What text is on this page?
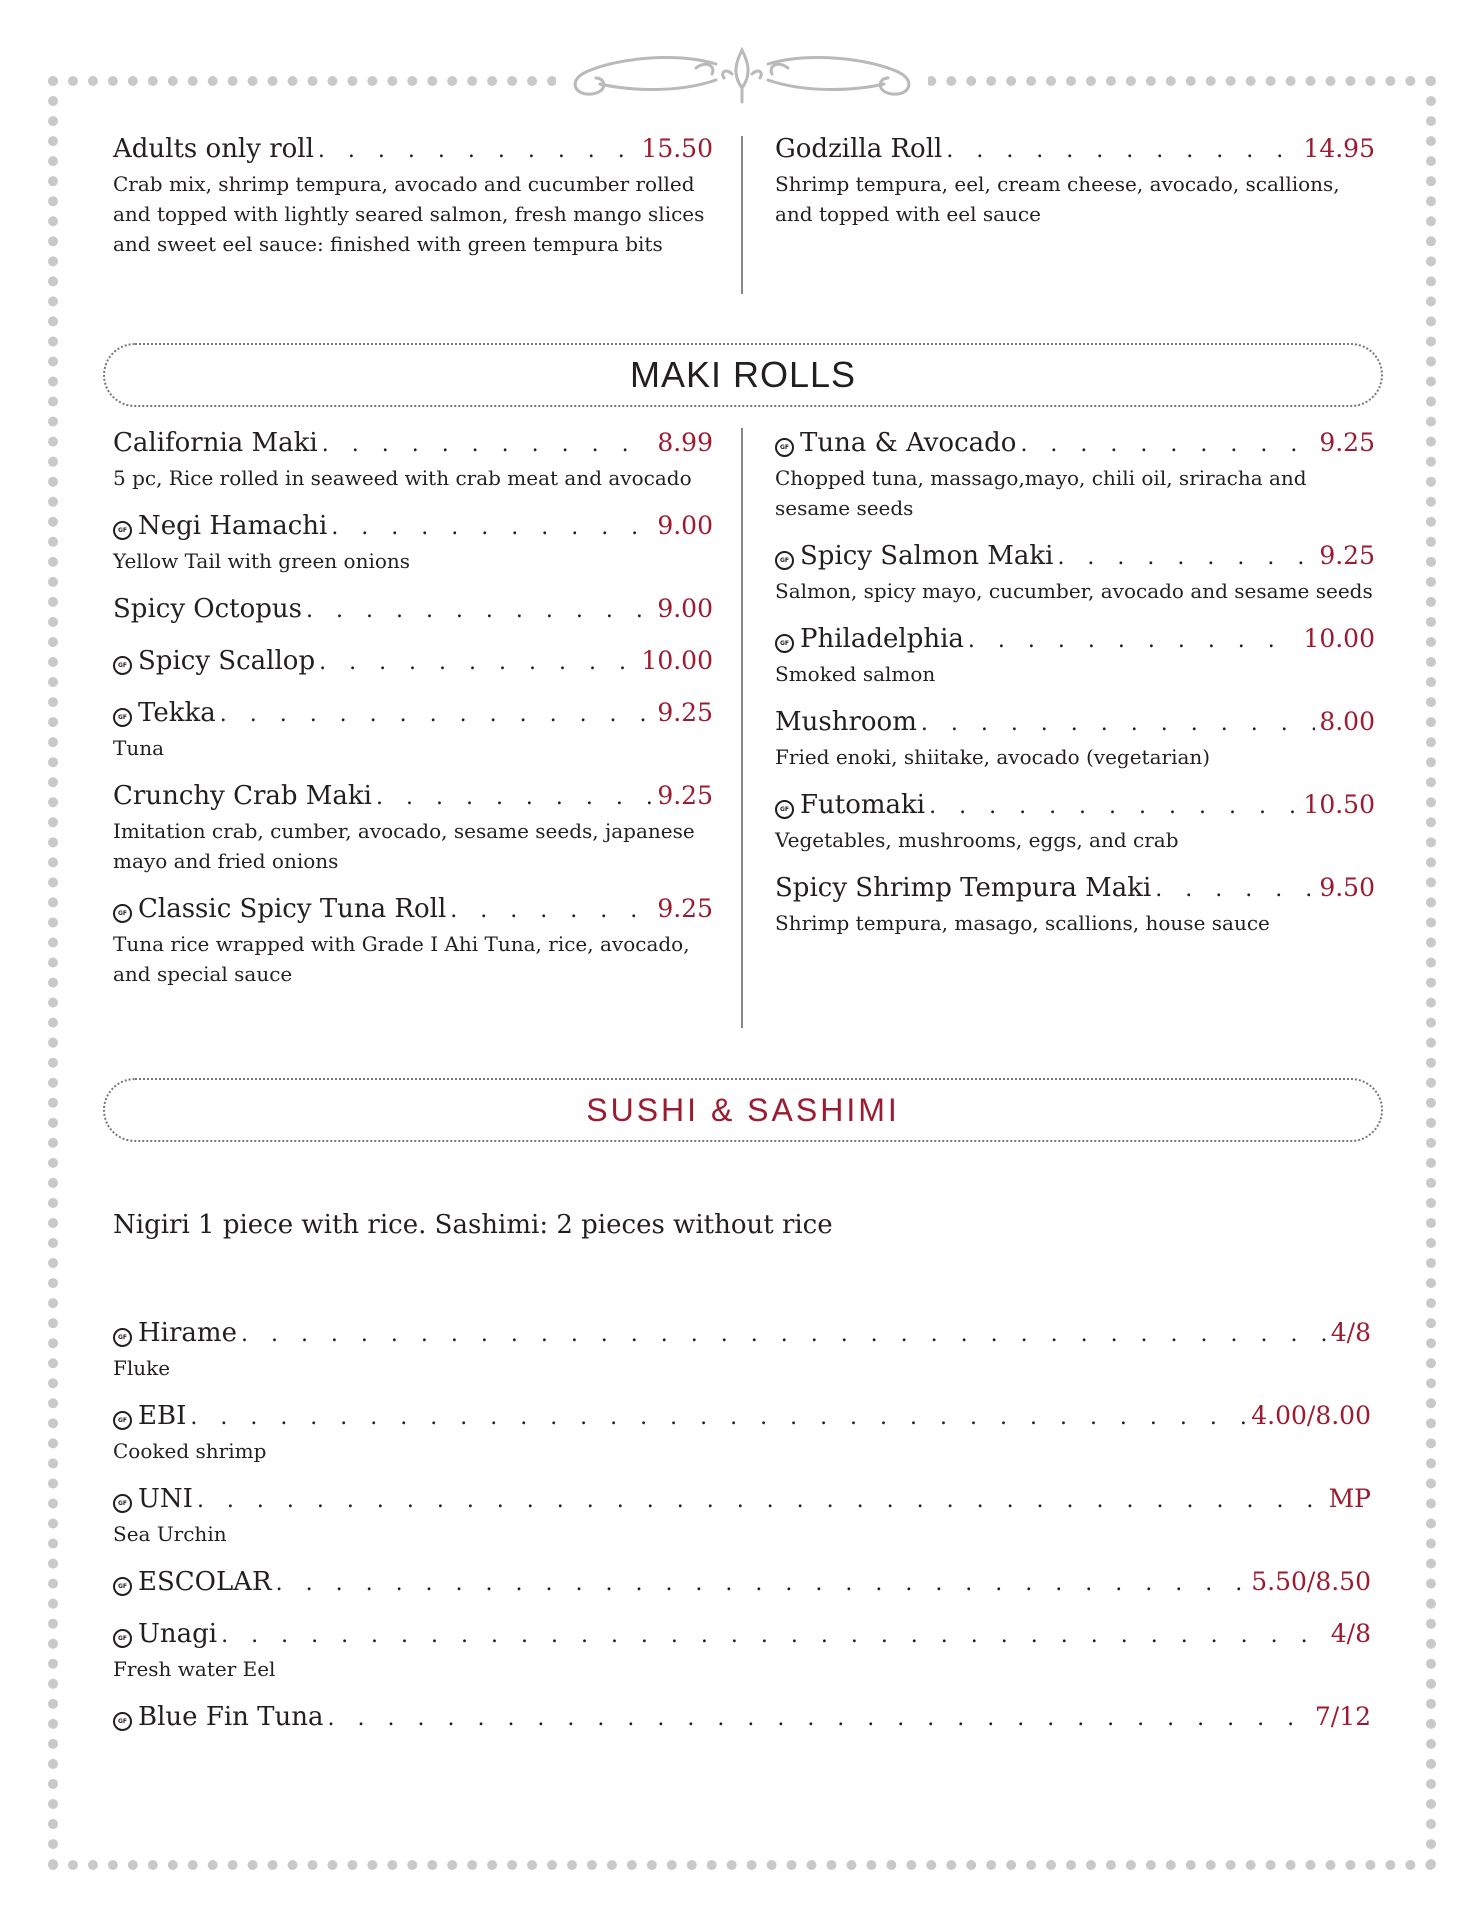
Adults only roll . . .	15.50
Crab mix, shrimp tempura, avocado and cucumber rolled and topped with lightly seared salmon, fresh mango slices and sweet eel sauce: finished with green tempura bits
Godzilla Roll . . .	14.95
Shrimp tempura, eel, cream cheese, avocado, scallions, and topped with eel sauce
MAKI ROLLS
California Maki . . .	8.99
5 pc, Rice rolled in seaweed with crab meat and avocado
GF Negi Hamachi . . .	9.00
Yellow Tail with green onions
Spicy Octopus . . .	9.00
GF Spicy Scallop . . .	10.00
GF Tekka . . .	9.25
Tuna
Crunchy Crab Maki . . .	9.25
Imitation crab, cumber, avocado, sesame seeds, japanese mayo and fried onions
GF Classic Spicy Tuna Roll . . .	9.25
Tuna rice wrapped with Grade I Ahi Tuna, rice, avocado, and special sauce
GF Tuna & Avocado . . .	9.25
Chopped tuna, massago,mayo, chili oil, sriracha and sesame seeds
GF Spicy Salmon Maki . . .	9.25
Salmon, spicy mayo, cucumber, avocado and sesame seeds
GF Philadelphia . . .	10.00
Smoked salmon
Mushroom . . .	8.00
Fried enoki, shiitake, avocado (vegetarian)
GF Futomaki . . .	10.50
Vegetables, mushrooms, eggs, and crab
Spicy Shrimp Tempura Maki . . .	9.50
Shrimp tempura, masago, scallions, house sauce
SUSHI & SASHIMI
Nigiri 1 piece with rice. Sashimi: 2 pieces without rice
GF Hirame . . .	4/8
Fluke
GF EBI . . .	4.00/8.00
Cooked shrimp
GF UNI . . .	MP
Sea Urchin
GF ESCOLAR . . .	5.50/8.50
GF Unagi . . .	4/8
Fresh water Eel
GF Blue Fin Tuna . . .	7/12
